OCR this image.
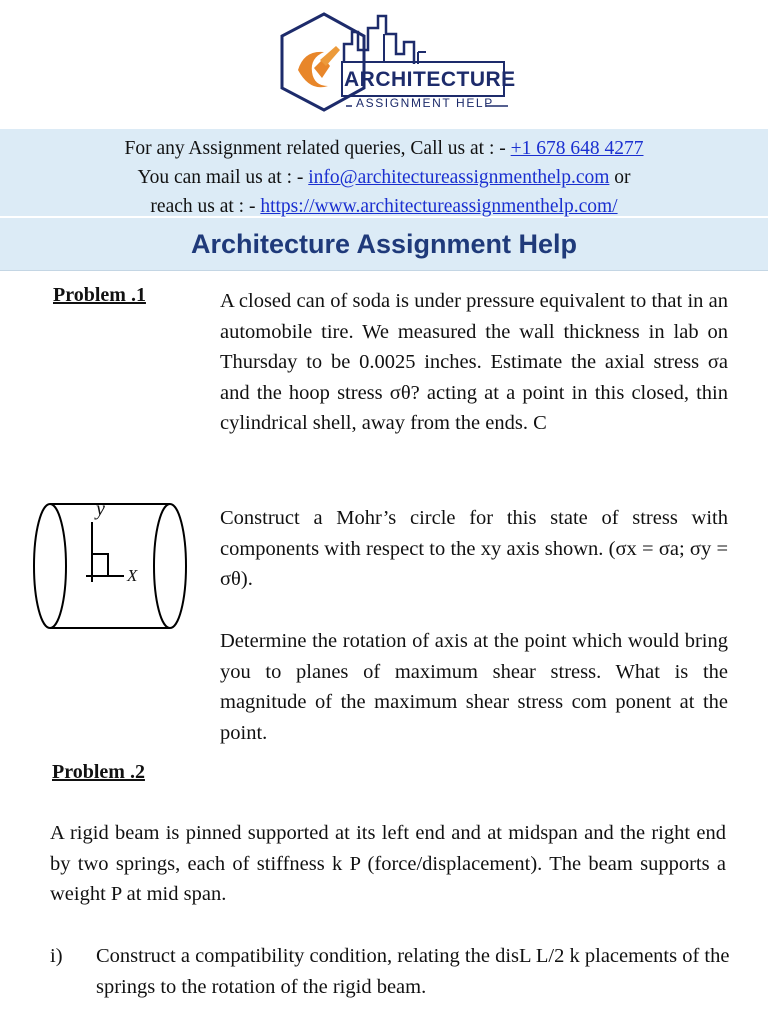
ARCHITECTURE
ASSIGNMENT HELP
For any Assignment related queries, Call us at : - +1 678 648 4277
You can mail us at : - info@architectureassignmenthelp.com or
reach us at : - https://www.architectureassignmenthelp.com/
Architecture Assignment Help
Problem .1	A closed can of soda is under pressure equivalent to that in an automobile tire. We measured the wall thickness in lab on Thursday to be 0.0025 inches. Estimate the axial stress σa and the hoop stress σθ? acting at a point in this closed, thin cylindrical shell, away from the ends. C

y
X

Construct a Mohr’s circle for this state of stress with components with respect to the xy axis shown. (σx = σa; σy = σθ).

Determine the rotation of axis at the point which would bring you to planes of maximum shear stress. What is the magnitude of the maximum shear stress com ponent at the point.

Problem .2

A rigid beam is pinned supported at its left end and at midspan and the right end by two springs, each of stiffness k P (force/displacement). The beam supports a weight P at mid span.

i) Construct a compatibility condition, relating the disL L/2 k placements of the springs to the rotation of the rigid beam.
